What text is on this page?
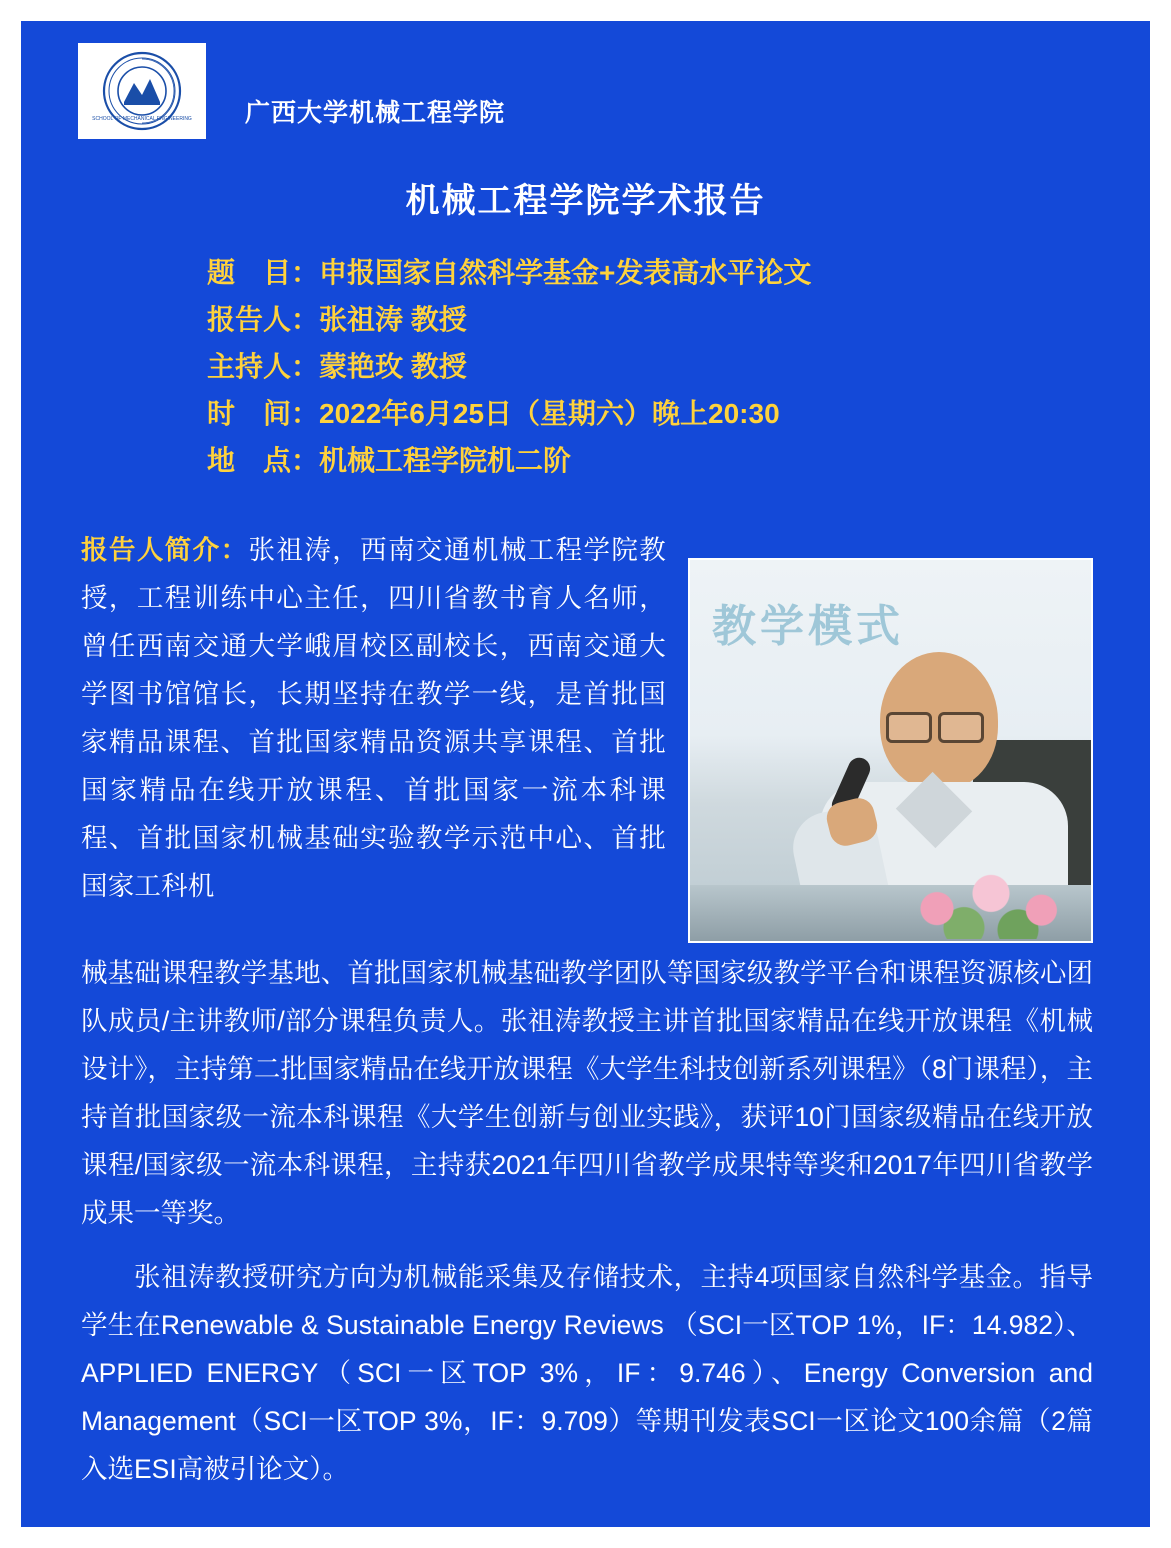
SCHOOL OF MECHANICAL ENGINEERING 广西大学机械工程学院
机械工程学院学术报告
题　目：申报国家自然科学基金+发表高水平论文
报告人：张祖涛 教授
主持人：蒙艳玫 教授
时　间：2022年6月25日（星期六）晚上20:30
地　点：机械工程学院机二阶
教学模式
报告人简介：张祖涛，西南交通机械工程学院教授，工程训练中心主任，四川省教书育人名师，曾任西南交通大学峨眉校区副校长，西南交通大学图书馆馆长，长期坚持在教学一线，是首批国家精品课程、首批国家精品资源共享课程、首批国家精品在线开放课程、首批国家一流本科课程、首批国家机械基础实验教学示范中心、首批国家工科机
械基础课程教学基地、首批国家机械基础教学团队等国家级教学平台和课程资源核心团队成员/主讲教师/部分课程负责人。张祖涛教授主讲首批国家精品在线开放课程《机械设计》，主持第二批国家精品在线开放课程《大学生科技创新系列课程》（8门课程），主持首批国家级一流本科课程《大学生创新与创业实践》，获评10门国家级精品在线开放课程/国家级一流本科课程，主持获2021年四川省教学成果特等奖和2017年四川省教学成果一等奖。
张祖涛教授研究方向为机械能采集及存储技术，主持4项国家自然科学基金。指导学生在Renewable & Sustainable Energy Reviews （SCI一区TOP 1%，IF：14.982）、APPLIED ENERGY（SCI一区TOP 3%，IF：9.746）、Energy Conversion and Management（SCI一区TOP 3%，IF：9.709）等期刊发表SCI一区论文100余篇（2篇入选ESI高被引论文）。
